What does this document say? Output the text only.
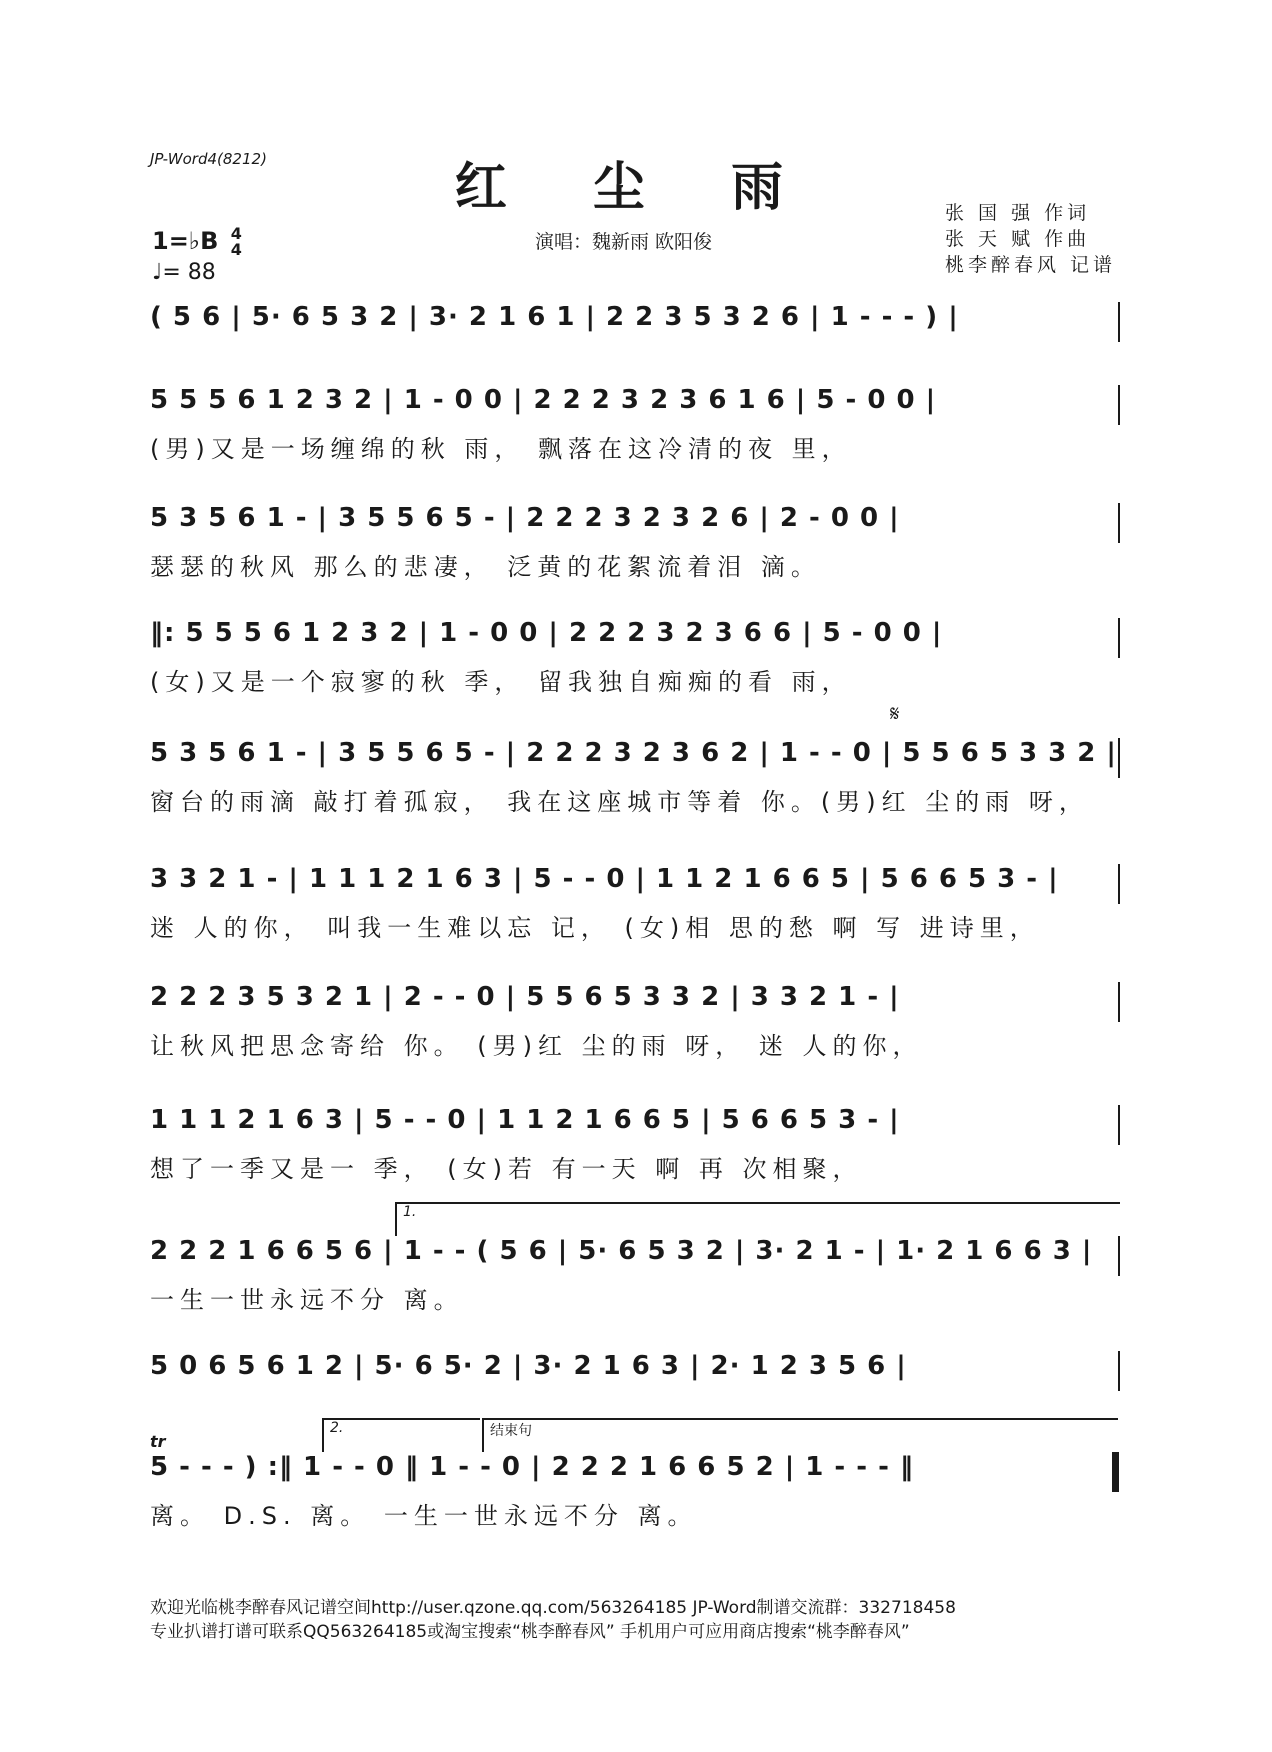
JP-Word4(8212)	红 尘 雨
演唱：魏新雨 欧阳俊
张 国 强 作词
张 天 赋 作曲
桃李醉春风 记谱
1=♭B 4
4
♩= 88
( 5 6 | 5· 6 5 3 2 | 3· 2 1 6 1 | 2 2 3 5 3 2 6 | 1 - - - ) |
5 5 5 6 1 2 3 2 | 1 - 0 0 | 2 2 2 3 2 3 6 1 6 | 5 - 0 0 |
(男)又是一场缠绵的秋 雨， 飘落在这冷清的夜 里，
5 3 5 6 1 - | 3 5 5 6 5 - | 2 2 2 3 2 3 2 6 | 2 - 0 0 |
瑟瑟的秋风 那么的悲凄， 泛黄的花絮流着泪 滴。
‖: 5 5 5 6 1 2 3 2 | 1 - 0 0 | 2 2 2 3 2 3 6 6 | 5 - 0 0 |
(女)又是一个寂寥的秋 季， 留我独自痴痴的看 雨，
𝄋
5 3 5 6 1 - | 3 5 5 6 5 - | 2 2 2 3 2 3 6 2 | 1 - - 0 | 5 5 6 5 3 3 2 |
窗台的雨滴 敲打着孤寂， 我在这座城市等着 你。(男)红 尘的雨 呀，
3 3 2 1 - | 1 1 1 2 1 6 3 | 5 - - 0 | 1 1 2 1 6 6 5 | 5 6 6 5 3 - |
迷 人的你， 叫我一生难以忘 记， (女)相 思的愁 啊 写 进诗里，
2 2 2 3 5 3 2 1 | 2 - - 0 | 5 5 6 5 3 3 2 | 3 3 2 1 - |
让秋风把思念寄给 你。 (男)红 尘的雨 呀， 迷 人的你，
1 1 1 2 1 6 3 | 5 - - 0 | 1 1 2 1 6 6 5 | 5 6 6 5 3 - |
想了一季又是一 季， (女)若 有一天 啊 再 次相聚，
1.
2 2 2 1 6 6 5 6 | 1 - - ( 5 6 | 5· 6 5 3 2 | 3· 2 1 - | 1· 2 1 6 6 3 |
一生一世永远不分 离。
5 0 6 5 6 1 2 | 5· 6 5· 2 | 3· 2 1 6 3 | 2· 1 2 3 5 6 |
tr
2.	结束句
5 - - - ) :‖ 1 - - 0 ‖ 1 - - 0 | 2 2 2 1 6 6 5 2 | 1 - - - ‖
离。 D.S. 离。 一生一世永远不分 离。
欢迎光临桃李醉春风记谱空间http://user.qzone.qq.com/563264185 JP-Word制谱交流群：332718458
专业扒谱打谱可联系QQ563264185或淘宝搜索“桃李醉春风” 手机用户可应用商店搜索“桃李醉春风”
